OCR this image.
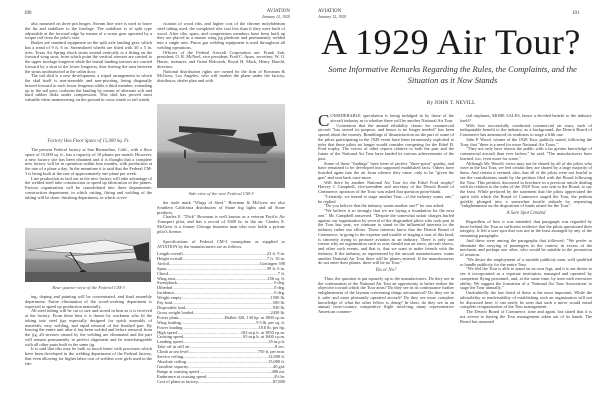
100	AVIATION
January 12, 1929

also mounted on three pin hinges. Stream line wire is used to brace the fin and stabilizer to the fuselage. The stabilizer is of split type adjustable at the forward edge by means of a worm gear operated by a torque rod from the pilot's seat.

Brakes are standard equipment on the split axle landing gear, which has a tread of 9 ft. 6 in. Streamlined wheels are fitted with 30 x 5 in. tires. Texas Air Spring shock struts extend vertically to a fitting on the forward wing strut, from which point the vertical stresses are carried to the upper fuselage longeron while the lateral landing stresses are carried forward by a strut to the lower longeron, thus leaving the area between the struts unobstructed at the cabin door.

The tail skid is a new development, a tripod arrangement in which the skid itself is non-steerable and non-pivoting, being diagonally braced forward to each lower longeron while a third member, extending up to the tail post, cushions the landing by means of alternate soft and hard rubber disks under compression. This skid has proved most valuable when maneuvering on the ground in cross winds or tail winds.

Factory Has Floor Space of 15,000 Sq. Ft.

The present Federal factory at San Bernardino, Calif., with a floor space of 15,000 sq. ft., has a capacity of 10 planes per month. However, a new factory site has been obtained and it is thought that a complete new factory will be in operation within four months, with production at the rate of a plane a day. In the meantime it is said that the Federal CM-3 is being built at the rate of approximately one plane per week.

Line production as laid out in the new factory will take advantage of the welded steel tube construction to speed up fabrication of the planes. Factory organization will be consolidated into three departments: construction department, in which cutting, fitting and welding of the tubing will be done; finishing department, in which cover-

Rear quarter view of the Federal CM-3

ing, doping and painting will be concentrated, and final assembly department. Entire elimination of the wood-working department is expected to speed up production materially.

All steel tubing will be cut to size and stored in bins as it is received at the factory. From these bins it is drawn by workmen who fit the tubing into steel jigs especially designed for quick assembly of materials, easy welding, and rapid removal of the finished part. By leaving the entire unit after it has been welded and before removal from the jig, all stresses caused by the welding are eliminated and the part will remain permanently in perfect alignment and be interchangeable with all other parts built in the same jig.

It is said that ribs may be built so much faster with processes which have been developed in the welding department of the Federal factory, that even allowing for higher labor cost of welders over girls used in the fab-

rication of wood ribs, and higher cost of the chrome molybdenum steel tubing used, the completed ribs cost less than if they were built of wood. After ribs, spars, and compression members have been built up they are placed in a master wing jig platform and permanently welded into a single unit. Purox gas welding equipment is used throughout all welding operations.

Officers of the Federal Aircraft Corporation are: Frank Sab, president; O. R. McNeel, vice president; Fred C. Ayars, secretary; W. O. Harris, treasurer, and Grant Holcomb, Royal H. Mack, Henry Harold, directors.

National distribution rights are owned by the firm of Bowman & McGrew, Los Angeles, who will market the plane under the factory, distributor, dealer plan and with

Side view of the new Federal CM-3

the trade mark "Wings of Steel." Bowman & McGrew are also Southern California distributors of Stone fog lights and all Stone products.

Charles E. "Dick" Bowman is well known as a veteran Pacific Air Transport pilot, and has a record of 3500 hr. in the air. Charles E. McGrew is a former Chicago business man who now holds a private pilot's license.

Specifications of Federal CM-3 monoplane as supplied to AVIATION by the manufacturers are as follows:

Length overall .....	23 ft. 9 in.
Height overall .....	7 ft. 10 in.
Airfoil .....	Gottingen 398
Span .....	39 ft. 6 in.
Chord .....	7 ft.
Wing area .....	256 sq. ft.
Sweepback .....	0 deg.
Dihedral .....	0 deg.
Incidence .....	0 deg.
Weight empty .....	1500 lb.
Pay load .....	500 lb.
Disposable load .....	930 lb.
Gross weight loaded .....	2430 lb.
Power plant .....	Hallett 320, 130 hp. at 1800 r.p.m.
Wing loading .....	9.5 lb. per sq. ft.
Power loading .....	18.6 lb. per hp.
High speed .....	102 m.p.h. at 1850 r.p.m.
Cruising speed .....	95 m.p.h. at 1600 r.p.m.
Landing speed .....	35 m.p.h.
Take off in still air .....	8 sec.
Climb at sea level .....	750 ft. per min.
Service ceiling .....	12,000 ft.
Absolute ceiling .....	15,000 ft.
Gasoline capacity .....	40 gal.
Range at cruising speed .....	400 mi.
Endurance at cruising speed .....	4½ hr.
Cost of plane at factory .....	$7,800
AVIATION
January 12, 1929
101
A 1929 Air Tour?
Some Informative Remarks Regarding the Rules, the Complaints, and the Situation as it Now Stands
By JOHN T. NEVILL

CONSIDERABLE speculation is being indulged in by those of the aircraft industry as to whether there will be another National Air Tour.

Contention that the annual reliability classic for commercial aircraft "has served its purpose, and hence is no longer needed" has been spread about the country. Rumblings of dissatisfaction on the part of some of the pilots participating in the 1928 event have been erroneously exploited to infer that these pilots no longer would consider competing for the Edsel B. Ford trophy. The voices of other reports relative to both the past and the future of the National Air Tour have lauded its various achievements of the past.

Some of these "findings" have been of perfect "three-point" quality, and have remained to be developed into supposed established facts. Others have boarded again into the air from whence they came, only to be "given the gun" and sent back once more.

Will there be another National Air Tour for the Edsel Ford trophy? Harvey J. Campbell, vice-president and secretary of the Detroit Board of Commerce, sponsors of the Tour, was asked that question point-blank.

"Certainly, we intend to stage another Tour—if the industry wants one," he replied.

"Do you believe that the industry wants another one?" he was asked.

"We believe it so strongly that we are laying a foundation for the next one," Mr. Campbell answered. "Despite the somewhat unfair charges hurled against our organization by several of the disgruntled pilots who took part in the Tour last year, we continue to stand in the influential interests to the industry rather our efforts. Those interests know that the Detroit Board of Commerce, in going to the expense and trouble of staging a tour of this kind, is sincerely trying to promote aviation as an industry. There is only one reason why an organization such as ours should run air tours, aircraft shows, and other such events, and that is, that we want to make friends with the industry. If the industry, as represented by the aircraft manufacturers, wants another National Air Tour there will be planes entered. If the manufacturers do not enter their planes, there will be no Tour."

Yes or No?

Thus, the question is put squarely up to the manufacturers. Do they see in the continuation of the National Air Tour an opportunity to better realize the objective toward which the Tour aims? Do they see in its continuance further enlightenment of the layman concerning things aeronautical? Do they see in it safer and more pleasantly operated aircraft? Do they see more complete knowledge of what the other fellow is doing? In short, do they see in an annual cross-country competitive flight involving many representative American commer-

cial airplanes, MORE SALES, hence a decided benefit to the industry itself?

With four successfully conducted commercial air tours, each of indisputable benefit to the industry, as a background, the Detroit Board of Commerce has announced its readiness to stage a fifth one.

John P. Wood, winner of the 1928 Tour, publicly stated, following the Tour, that "there is a need for more National Air Tours."

"They not only have shown the public with a far greater knowledge of commercial aircraft than ever before," he said. "The manufacturers have learned, too, even more for some."

Although Mr. Wood's views may not be shared by all of the pilots who were in the last Tour, we feel certain they are shared by a large majority of them. And certain it seemed, also, that all of the pilots were not fearful to see the contributions made by the petition filed with the Board following the Tour. This petition, discussed in brochure in a previous article dealing with its relation to the rules of the 1928 Tour, was sent to the Board, to say the least. While prefaced by the statement that the pilots appreciated the spirit with which the Board of Commerce staged the Tour, the petition quickly plunged into a somewhat hostile attitude by requesting "enlightenment on the disposition of funds raised for the Tour."

A Sore Spot Created

Regardless of how it was intended, that paragraph was regarded by those behind the Tour as sufficient evidence that the pilots questioned their integrity. It left a sore spot that was not in the least assuaged by any of the remaining paragraphs.

And these were among the paragraphs that followed: "We prefer to eliminate the carrying of passengers in the contest, in excess of the mechanic and perhaps one other, who would be suitable in the promotion of aviation.

"We desire the employment of a suitable publicity man, well qualified to handle publicity for the entire Tour.

"We feel the Tour is able to stand on its own legs, and it is our desire to see it incorporated as a separate institution, managed and operated by competent flying personnel, and, at the same time, by men with executive ability. We suggest the formation of a 'National Air Tour Association' to stage the Tour annually."

Undoubtedly the last listed of these is the most important. While the advisability or inadvisability of establishing such an organization will not be discussed here, it can easily be seen that such a move would entail complete reorganization of the Tour management.

The Detroit Board of Commerce, time and again, has stated that it is not averse to having the Tour management taken out of its hands. The Board has assumed
